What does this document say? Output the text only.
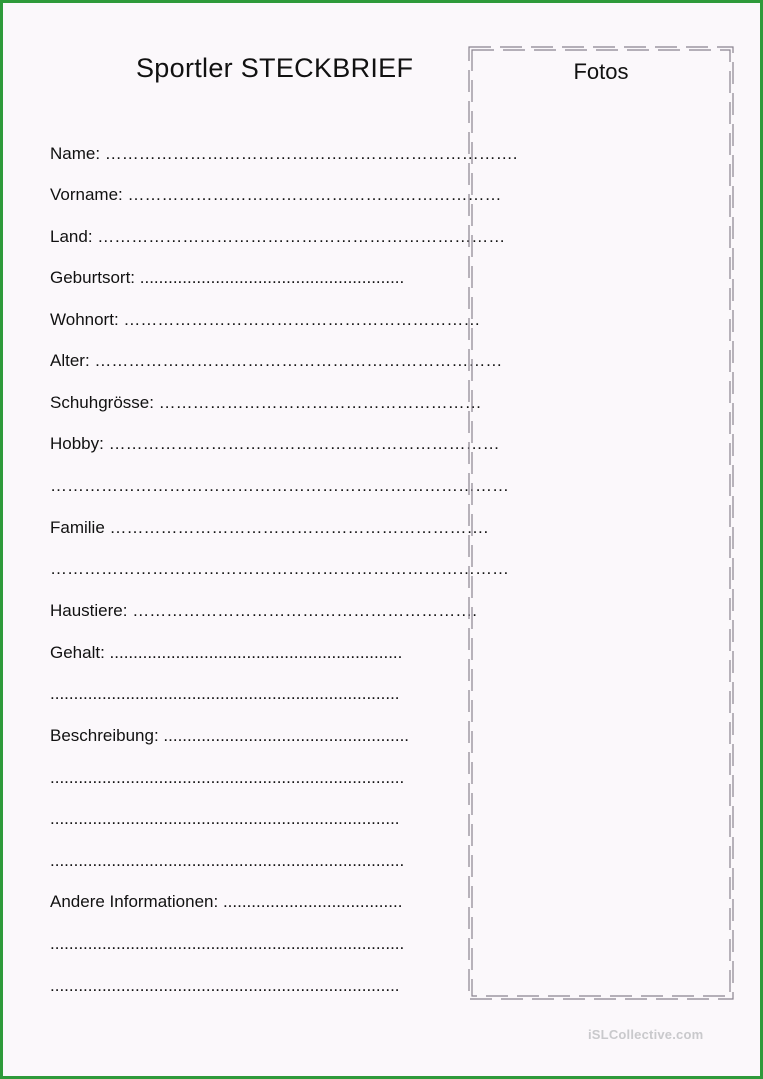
Sportler STECKBRIEF
Name: ……………………………………………………………….
Vorname: …………………………………………………………
Land: ………………………………………………………………
Geburtsort: ........................................................
Wohnort: ………………………………………………………
Alter: ………………………………………………………………
Schuhgrösse: …………………………………………………
Hobby: ……………………………………………………………
………………………………………………………………………
Familie ………………………………………………………….
………………………………………………………………………
Haustiere: …………………………………………………….
Gehalt: ..............................................................
..........................................................................
Beschreibung: ....................................................
...........................................................................
..........................................................................
...........................................................................
Andere Informationen: ......................................
...........................................................................
..........................................................................
Fotos
iSLCollective.com
